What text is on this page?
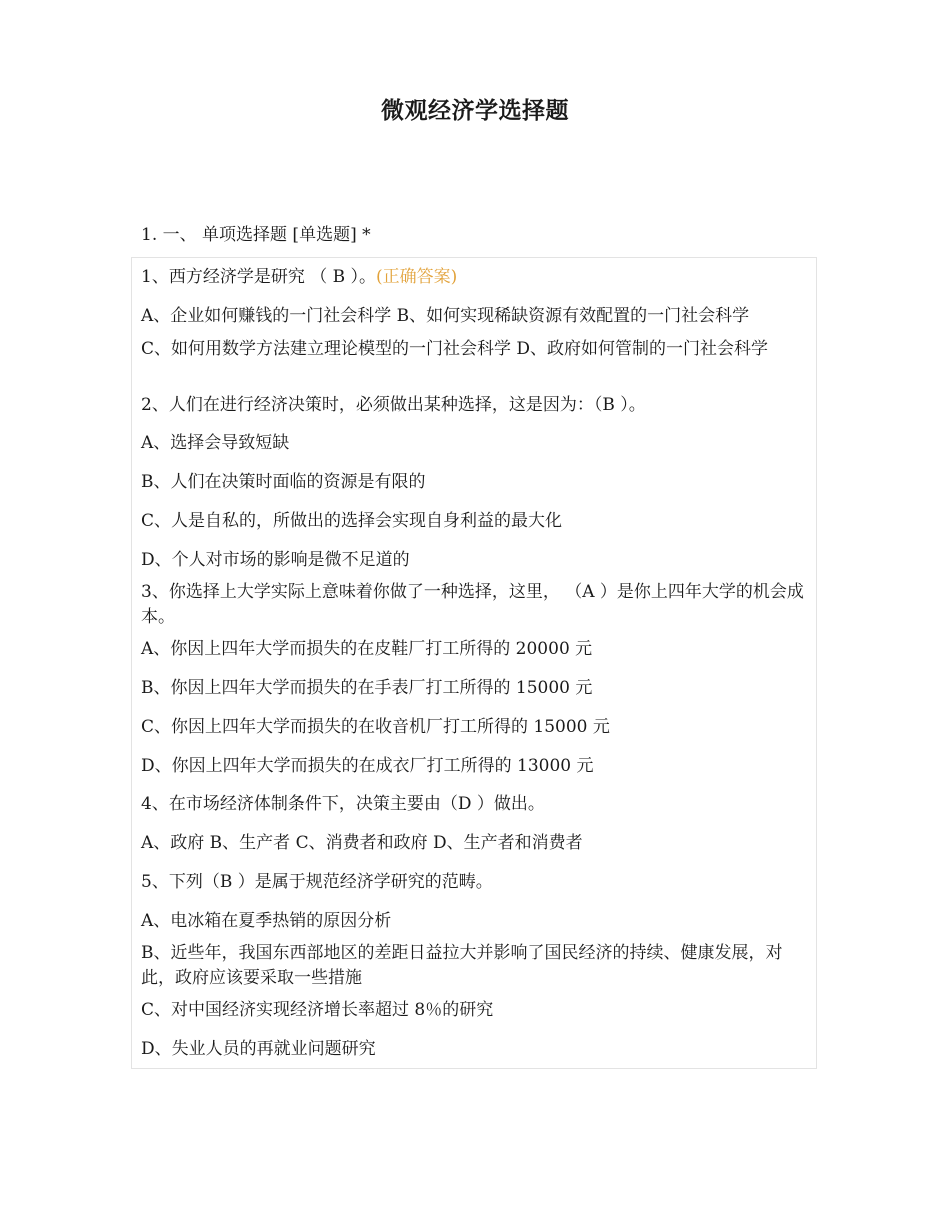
微观经济学选择题
1. 一、 单项选择题 [单选题] *
1、西方经济学是研究 （ B ）。(正确答案)
A、企业如何赚钱的一门社会科学 B、如何实现稀缺资源有效配置的一门社会科学
C、如何用数学方法建立理论模型的一门社会科学 D、政府如何管制的一门社会科学
2、人们在进行经济决策时，必须做出某种选择，这是因为：（B ）。
A、选择会导致短缺
B、人们在决策时面临的资源是有限的
C、人是自私的，所做出的选择会实现自身利益的最大化
D、个人对市场的影响是微不足道的
3、你选择上大学实际上意味着你做了一种选择，这里， （A ）是你上四年大学的机会成本。
A、你因上四年大学而损失的在皮鞋厂打工所得的 20000 元
B、你因上四年大学而损失的在手表厂打工所得的 15000 元
C、你因上四年大学而损失的在收音机厂打工所得的 15000 元
D、你因上四年大学而损失的在成衣厂打工所得的 13000 元
4、在市场经济体制条件下，决策主要由（D ）做出。
A、政府 B、生产者 C、消费者和政府 D、生产者和消费者
5、下列（B ）是属于规范经济学研究的范畴。
A、电冰箱在夏季热销的原因分析
B、近些年，我国东西部地区的差距日益拉大并影响了国民经济的持续、健康发展，对此，政府应该要采取一些措施
C、对中国经济实现经济增长率超过 8％的研究
D、失业人员的再就业问题研究
